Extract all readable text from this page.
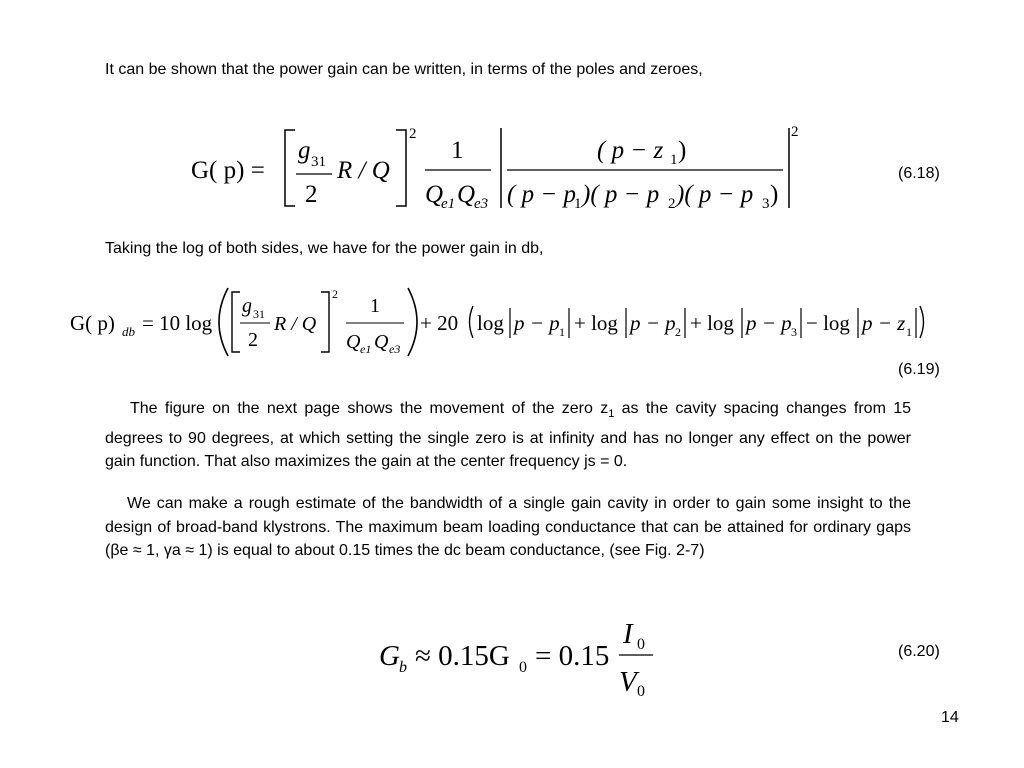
It can be shown that the power gain can be written, in terms of the poles and zeroes,
G( p) =
g 31
2
R / Q
2
1
Q
e1 Q
e3
2
( p − z 1 )
( p − p
1 )( p − p 2 )( p − p 3 )
(6.18)
Taking the log of both sides, we have for the power gain in db,
G( p) db = 10 log
g 31
2
R / Q
2
1
Q e1 Q e3
+ 20 log p − p 1 + log p − p 2 + log p − p 3 − log p − z 1
(6.19)
The figure on the next page shows the movement of the zero $z_1$ as the cavity spacing changes from 15 degrees to 90 degrees, at which setting the single zero is at infinity and has no longer any effect on the power gain function. That also maximizes the gain at the center frequency js = 0.
We can make a rough estimate of the bandwidth of a single gain cavity in order to gain some insight to the design of broad-band klystrons. The maximum beam loading conductance that can be attained for ordinary gaps (βe ≈ 1, γa ≈ 1) is equal to about 0.15 times the dc beam conductance, (see Fig. 2-7)
G b ≈ 0.15G 0 = 0.15
I 0
V 0
(6.20)
14
